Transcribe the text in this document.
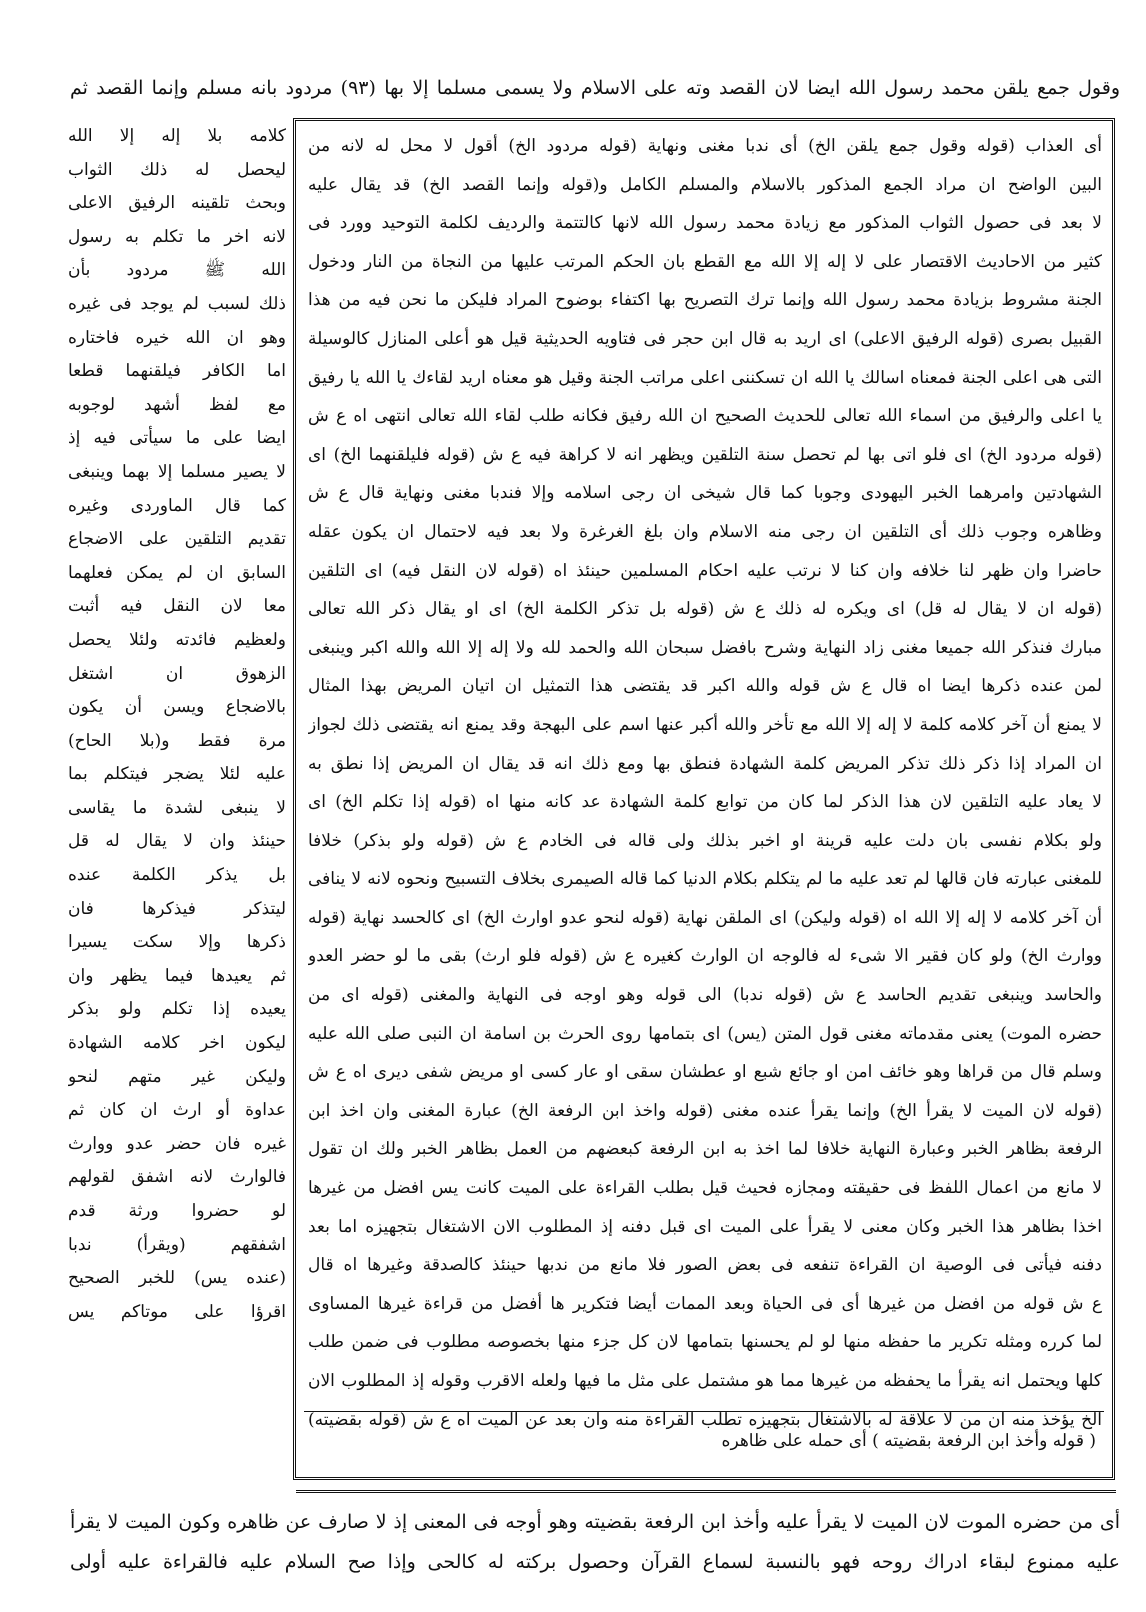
وقول جمع يلقن محمد رسول الله ايضا لان القصد وته على الاسلام ولا يسمى مسلما إلا بها (٩٣) مردود بانه مسلم وإنما القصد ثم
كلامه بلا إله إلا الله
ليحصل له ذلك الثواب
وبحث تلقينه الرفيق الاعلى
لانه اخر ما تكلم به رسول
الله ﷺ مردود بأن
ذلك لسبب لم يوجد فى غيره
وهو ان الله خيره فاختاره
اما الكافر فيلقنهما قطعا
مع لفظ أشهد لوجوبه
ايضا على ما سيأتى فيه إذ
لا يصير مسلما إلا بهما وينبغى
كما قال الماوردى وغيره
تقديم التلقين على الاضجاع
السابق ان لم يمكن فعلهما
معا لان النقل فيه أثبت
ولعظيم فائدته ولئلا يحصل
الزهوق ان اشتغل
بالاضجاع ويسن أن يكون
مرة فقط و(بلا الحاح)
عليه لئلا يضجر فيتكلم بما
لا ينبغى لشدة ما يقاسى
حينئذ وان لا يقال له قل
بل يذكر الكلمة عنده
ليتذكر فيذكرها فان
ذكرها وإلا سكت يسيرا
ثم يعيدها فيما يظهر وان
يعيده إذا تكلم ولو بذكر
ليكون اخر كلامه الشهادة
وليكن غير متهم لنحو
عداوة أو ارث ان كان ثم
غيره فان حضر عدو ووارث
فالوارث لانه اشفق لقولهم
لو حضروا ورثة قدم
اشفقهم (ويقرأ) ندبا
(عنده يس) للخبر الصحيح
اقرؤا على موتاكم يس
أى العذاب (قوله وقول جمع يلقن الخ) أى ندبا مغنى ونهاية (قوله مردود الخ) أقول لا محل له لانه من
البين الواضح ان مراد الجمع المذكور بالاسلام والمسلم الكامل و(قوله وإنما القصد الخ) قد يقال عليه
لا بعد فى حصول الثواب المذكور مع زيادة محمد رسول الله لانها كالتتمة والرديف لكلمة التوحيد وورد فى
كثير من الاحاديث الاقتصار على لا إله إلا الله مع القطع بان الحكم المرتب عليها من النجاة من النار ودخول
الجنة مشروط بزيادة محمد رسول الله وإنما ترك التصريح بها اكتفاء بوضوح المراد فليكن ما نحن فيه من هذا
القبيل بصرى (قوله الرفيق الاعلى) اى اريد به قال ابن حجر فى فتاويه الحديثية قيل هو أعلى المنازل كالوسيلة
التى هى اعلى الجنة فمعناه اسالك يا الله ان تسكننى اعلى مراتب الجنة وقيل هو معناه اريد لقاءك يا الله يا رفيق
يا اعلى والرفيق من اسماء الله تعالى للحديث الصحيح ان الله رفيق فكانه طلب لقاء الله تعالى انتهى اه ع ش
(قوله مردود الخ) اى فلو اتى بها لم تحصل سنة التلقين ويظهر انه لا كراهة فيه ع ش (قوله فليلقنهما الخ) اى
الشهادتين وامرهما الخبر اليهودى وجوبا كما قال شيخى ان رجى اسلامه وإلا فندبا مغنى ونهاية قال ع ش
وظاهره وجوب ذلك أى التلقين ان رجى منه الاسلام وان بلغ الغرغرة ولا بعد فيه لاحتمال ان يكون عقله
حاضرا وان ظهر لنا خلافه وان كنا لا نرتب عليه احكام المسلمين حينئذ اه (قوله لان النقل فيه) اى التلقين
(قوله ان لا يقال له قل) اى ويكره له ذلك ع ش (قوله بل تذكر الكلمة الخ) اى او يقال ذكر الله تعالى
مبارك فنذكر الله جميعا مغنى زاد النهاية وشرح بافضل سبحان الله والحمد لله ولا إله إلا الله والله اكبر وينبغى
لمن عنده ذكرها ايضا اه قال ع ش قوله والله اكبر قد يقتضى هذا التمثيل ان اتيان المريض بهذا المثال
لا يمنع أن آخر كلامه كلمة لا إله إلا الله مع تأخر والله أكبر عنها اسم على البهجة وقد يمنع انه يقتضى ذلك لجواز
ان المراد إذا ذكر ذلك تذكر المريض كلمة الشهادة فنطق بها ومع ذلك انه قد يقال ان المريض إذا نطق به
لا يعاد عليه التلقين لان هذا الذكر لما كان من توابع كلمة الشهادة عد كانه منها اه (قوله إذا تكلم الخ) اى
ولو بكلام نفسى بان دلت عليه قرينة او اخبر بذلك ولى قاله فى الخادم ع ش (قوله ولو بذكر) خلافا
للمغنى عبارته فان قالها لم تعد عليه ما لم يتكلم بكلام الدنيا كما قاله الصيمرى بخلاف التسبيح ونحوه لانه لا ينافى
أن آخر كلامه لا إله إلا الله اه (قوله وليكن) اى الملقن نهاية (قوله لنحو عدو اوارث الخ) اى كالحسد نهاية (قوله
ووارث الخ) ولو كان فقير الا شىء له فالوجه ان الوارث كغيره ع ش (قوله فلو ارث) بقى ما لو حضر العدو
والحاسد وينبغى تقديم الحاسد ع ش (قوله ندبا) الى قوله وهو اوجه فى النهاية والمغنى (قوله اى من
حضره الموت) يعنى مقدماته مغنى قول المتن (يس) اى بتمامها روى الحرث بن اسامة ان النبى صلى الله عليه
وسلم قال من قراها وهو خائف امن او جائع شبع او عطشان سقى او عار كسى او مريض شفى ديرى اه ع ش
(قوله لان الميت لا يقرأ الخ) وإنما يقرأ عنده مغنى (قوله واخذ ابن الرفعة الخ) عبارة المغنى وان اخذ ابن
الرفعة بظاهر الخبر وعبارة النهاية خلافا لما اخذ به ابن الرفعة كبعضهم من العمل بظاهر الخبر ولك ان تقول
لا مانع من اعمال اللفظ فى حقيقته ومجازه فحيث قيل بطلب القراءة على الميت كانت يس افضل من غيرها
اخذا بظاهر هذا الخبر وكان معنى لا يقرأ على الميت اى قبل دفنه إذ المطلوب الان الاشتغال بتجهيزه اما بعد
دفنه فيأتى فى الوصية ان القراءة تنفعه فى بعض الصور فلا مانع من ندبها حينئذ كالصدقة وغيرها اه قال
ع ش قوله من افضل من غيرها أى فى الحياة وبعد الممات أيضا فتكرير ها أفضل من قراءة غيرها المساوى
لما كرره ومثله تكرير ما حفظه منها لو لم يحسنها بتمامها لان كل جزء منها بخصوصه مطلوب فى ضمن طلب
كلها ويحتمل انه يقرأ ما يحفظه من غيرها مما هو مشتمل على مثل ما فيها ولعله الاقرب وقوله إذ المطلوب الان
الخ يؤخذ منه ان من لا علاقة له بالاشتغال بتجهيزه تطلب القراءة منه وان بعد عن الميت اه ع ش (قوله بقضيته)
( قوله وأخذ ابن الرفعة بقضيته ) أى حمله على ظاهره
أى من حضره الموت لان الميت لا يقرأ عليه وأخذ ابن الرفعة بقضيته وهو أوجه فى المعنى إذ لا صارف عن ظاهره وكون الميت لا يقرأ
عليه ممنوع لبقاء ادراك روحه فهو بالنسبة لسماع القرآن وحصول بركته له كالحى وإذا صح السلام عليه فالقراءة عليه أولى
